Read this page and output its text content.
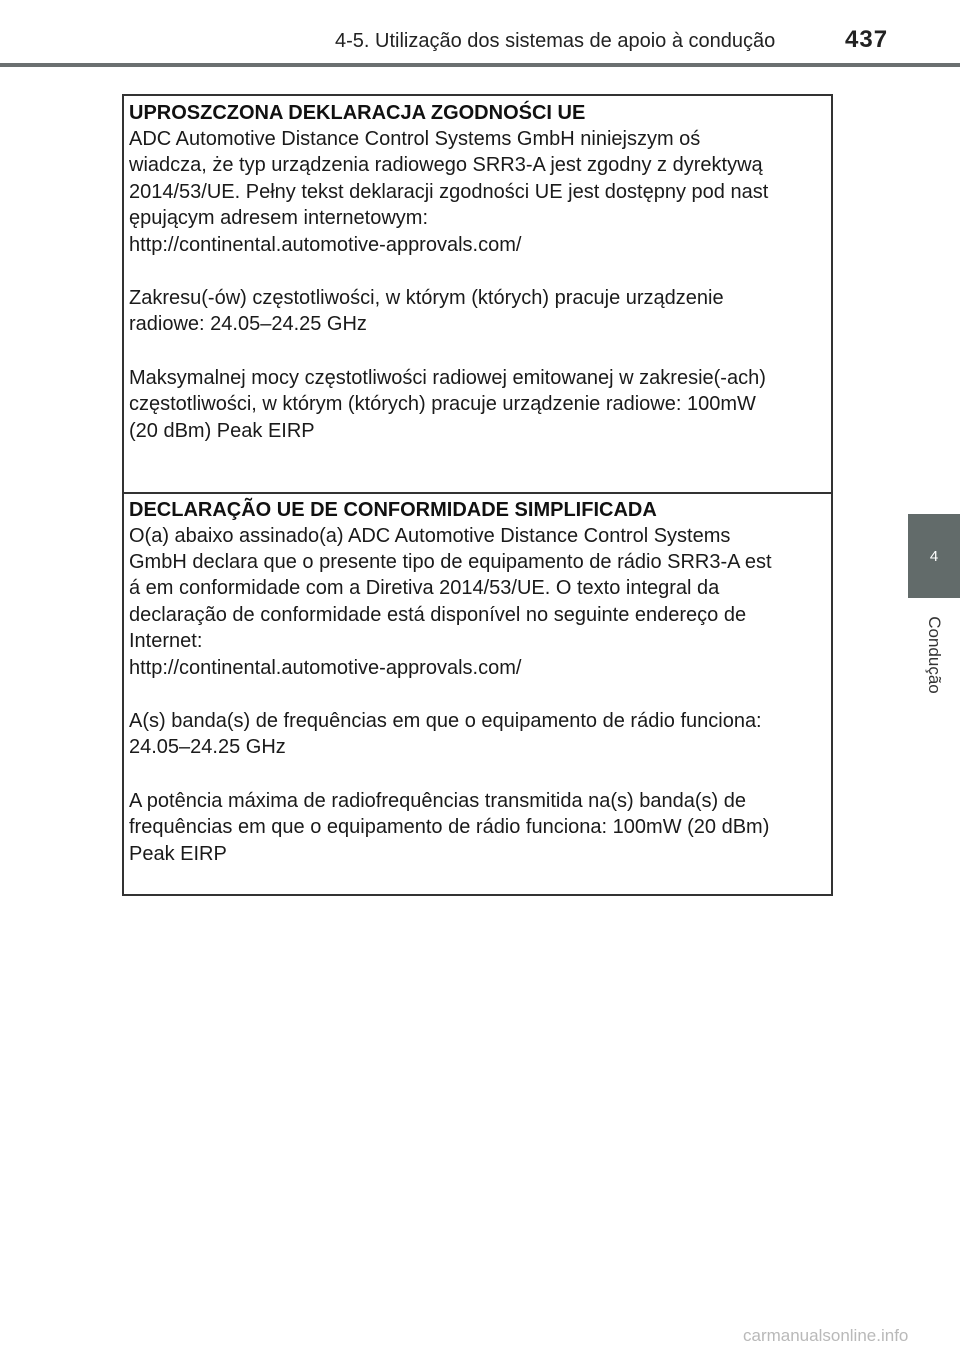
4-5. Utilização dos sistemas de apoio à condução	437
4
Condução
UPROSZCZONA DEKLARACJA ZGODNOŚCI UE

ADC Automotive Distance Control Systems GmbH niniejszym oś
wiadcza, że typ urządzenia radiowego SRR3-A jest zgodny z dyrektywą
2014/53/UE. Pełny tekst deklaracji zgodności UE jest dostępny pod nast
ępującym adresem internetowym:
http://continental.automotive-approvals.com/

Zakresu(-ów) częstotliwości, w którym (których) pracuje urządzenie
radiowe: 24.05–24.25 GHz

Maksymalnej mocy częstotliwości radiowej emitowanej w zakresie(-ach)
częstotliwości, w którym (których) pracuje urządzenie radiowe: 100mW
(20 dBm) Peak EIRP

DECLARAÇÃO UE DE CONFORMIDADE SIMPLIFICADA

O(a) abaixo assinado(a) ADC Automotive Distance Control Systems
GmbH declara que o presente tipo de equipamento de rádio SRR3-A est
á em conformidade com a Diretiva 2014/53/UE. O texto integral da
declaração de conformidade está disponível no seguinte endereço de
Internet:
http://continental.automotive-approvals.com/

A(s) banda(s) de frequências em que o equipamento de rádio funciona:
24.05–24.25 GHz

A potência máxima de radiofrequências transmitida na(s) banda(s) de
frequências em que o equipamento de rádio funciona: 100mW (20 dBm)
Peak EIRP

carmanualsonline.info
